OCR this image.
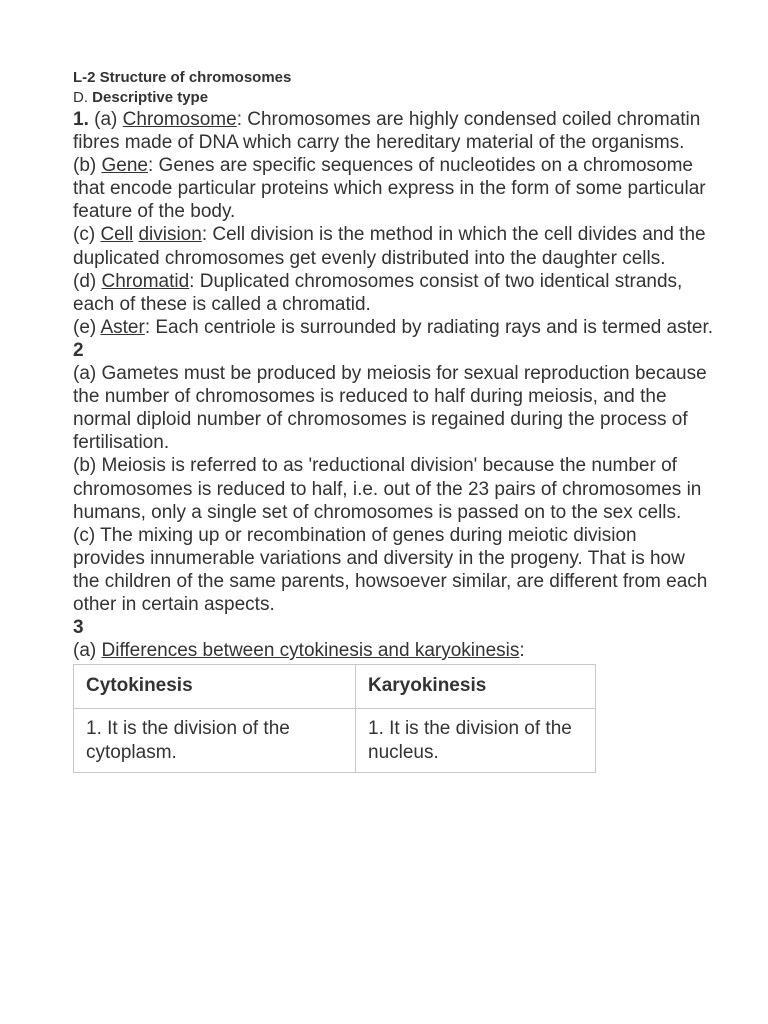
L-2 Structure of chromosomes
D. Descriptive type

1. (a) Chromosome: Chromosomes are highly condensed coiled chromatin fibres made of DNA which carry the hereditary material of the organisms.

(b) Gene: Genes are specific sequences of nucleotides on a chromosome that encode particular proteins which express in the form of some particular feature of the body.

(c) Cell division: Cell division is the method in which the cell divides and the duplicated chromosomes get evenly distributed into the daughter cells.

(d) Chromatid: Duplicated chromosomes consist of two identical strands, each of these is called a chromatid.

(e) Aster: Each centriole is surrounded by radiating rays and is termed aster.

2

(a) Gametes must be produced by meiosis for sexual reproduction because the number of chromosomes is reduced to half during meiosis, and the normal diploid number of chromosomes is regained during the process of fertilisation.

(b) Meiosis is referred to as 'reductional division' because the number of chromosomes is reduced to half, i.e. out of the 23 pairs of chromosomes in humans, only a single set of chromosomes is passed on to the sex cells.

(c) The mixing up or recombination of genes during meiotic division provides innumerable variations and diversity in the progeny. That is how the children of the same parents, howsoever similar, are different from each other in certain aspects.

3

(a) Differences between cytokinesis and karyokinesis:

Cytokinesis	Karyokinesis
1. It is the division of the cytoplasm.	1. It is the division of the nucleus.
